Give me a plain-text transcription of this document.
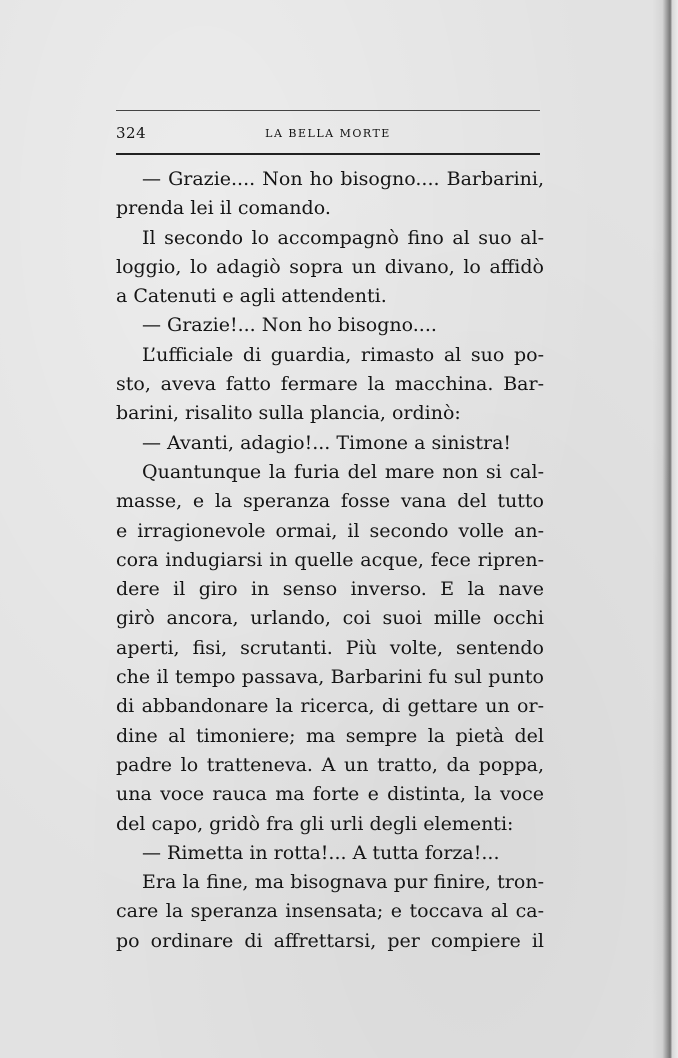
324	LA BELLA MORTE
— Grazie.... Non ho bisogno.... Barbarini,
prenda lei il comando.
Il secondo lo accompagnò fino al suo al-
loggio, lo adagiò sopra un divano, lo affidò
a Catenuti e agli attendenti.
— Grazie!... Non ho bisogno....
L’ufficiale di guardia, rimasto al suo po-
sto, aveva fatto fermare la macchina. Bar-
barini, risalito sulla plancia, ordinò:
— Avanti, adagio!... Timone a sinistra!
Quantunque la furia del mare non si cal-
masse, e la speranza fosse vana del tutto
e irragionevole ormai, il secondo volle an-
cora indugiarsi in quelle acque, fece ripren-
dere il giro in senso inverso. E la nave
girò ancora, urlando, coi suoi mille occhi
aperti, fisi, scrutanti. Più volte, sentendo
che il tempo passava, Barbarini fu sul punto
di abbandonare la ricerca, di gettare un or-
dine al timoniere; ma sempre la pietà del
padre lo tratteneva. A un tratto, da poppa,
una voce rauca ma forte e distinta, la voce
del capo, gridò fra gli urli degli elementi:
— Rimetta in rotta!... A tutta forza!...
Era la fine, ma bisognava pur finire, tron-
care la speranza insensata; e toccava al ca-
po ordinare di affrettarsi, per compiere il
